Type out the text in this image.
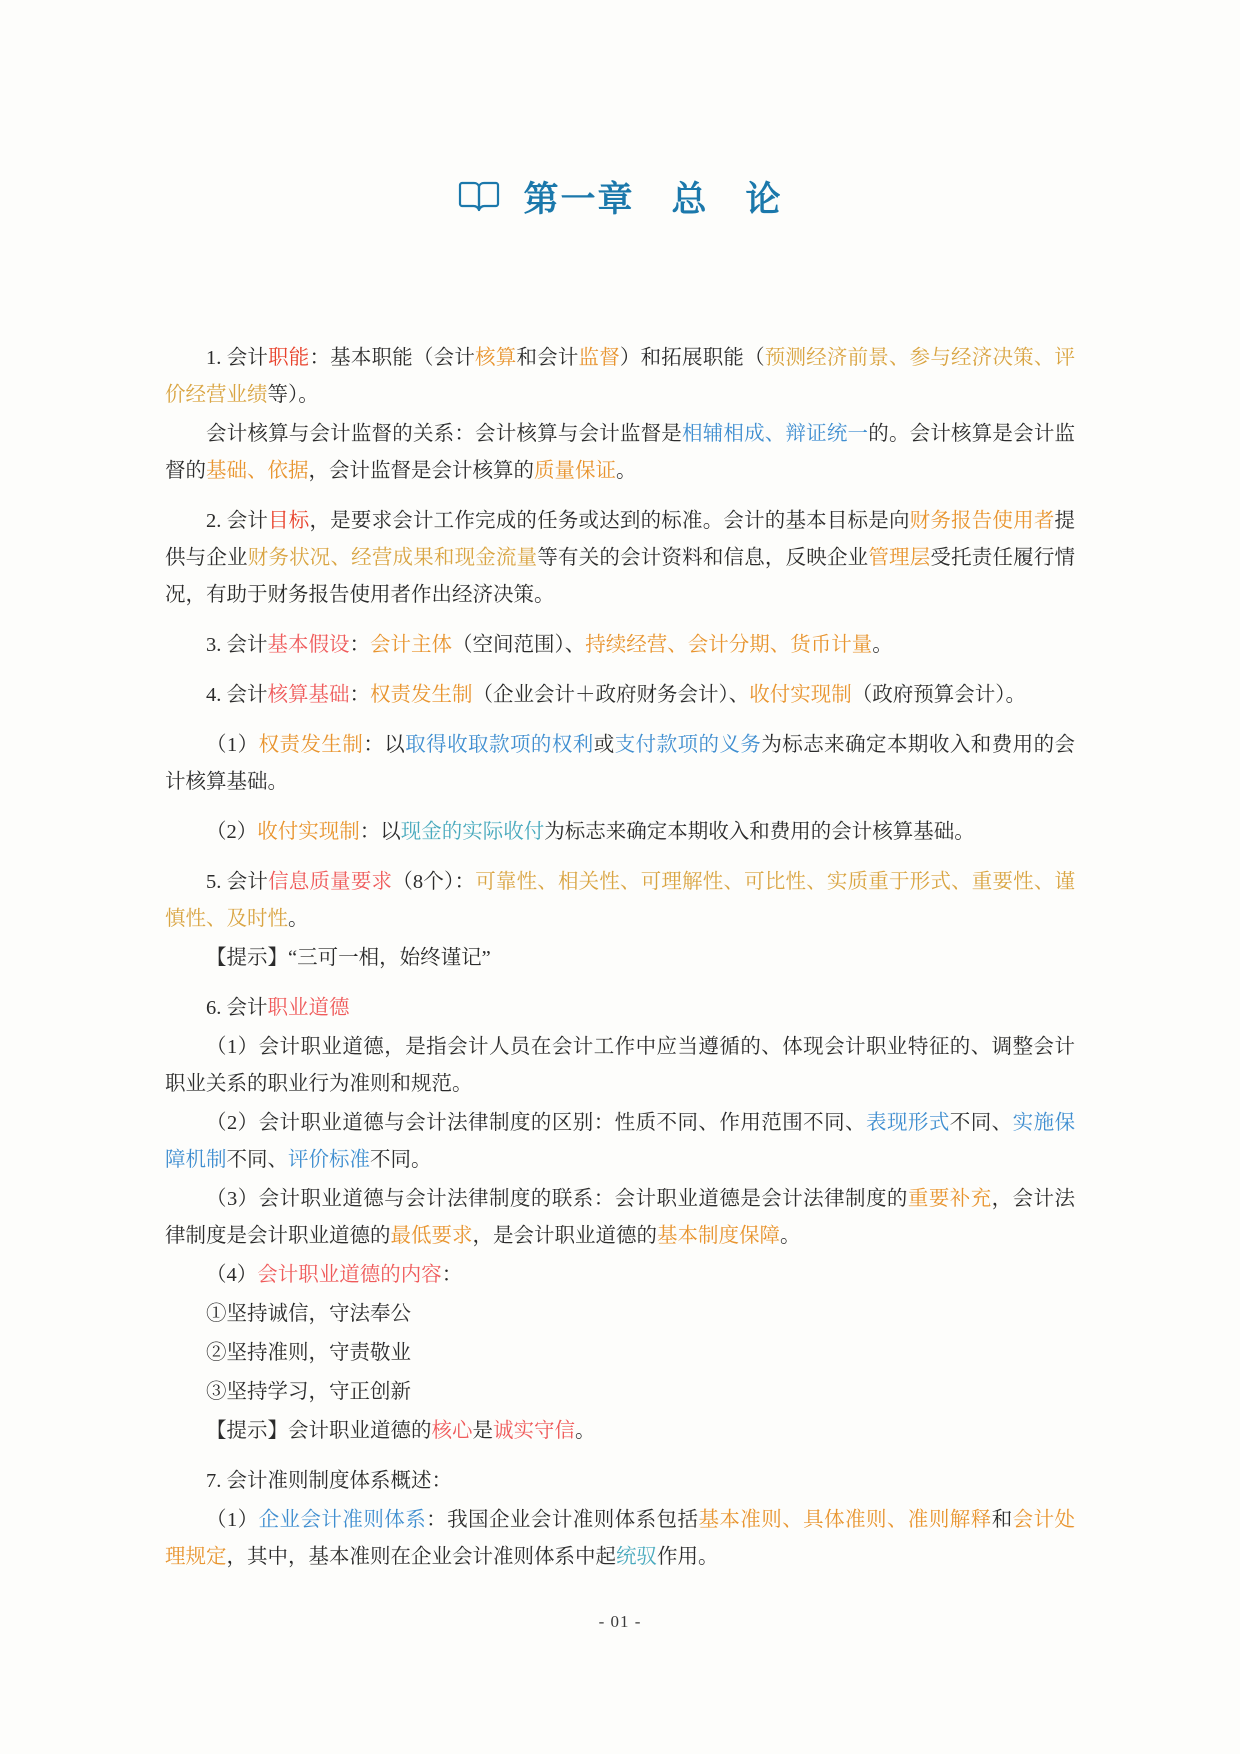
第一章　总　论

1. 会计职能：基本职能（会计核算和会计监督）和拓展职能（预测经济前景、参与经济决策、评价经营业绩等）。

会计核算与会计监督的关系：会计核算与会计监督是相辅相成、辩证统一的。会计核算是会计监督的基础、依据，会计监督是会计核算的质量保证。

2. 会计目标，是要求会计工作完成的任务或达到的标准。会计的基本目标是向财务报告使用者提供与企业财务状况、经营成果和现金流量等有关的会计资料和信息，反映企业管理层受托责任履行情况，有助于财务报告使用者作出经济决策。

3. 会计基本假设：会计主体（空间范围）、持续经营、会计分期、货币计量。

4. 会计核算基础：权责发生制（企业会计＋政府财务会计）、收付实现制（政府预算会计）。

（1）权责发生制：以取得收取款项的权利或支付款项的义务为标志来确定本期收入和费用的会计核算基础。

（2）收付实现制：以现金的实际收付为标志来确定本期收入和费用的会计核算基础。

5. 会计信息质量要求（8个）：可靠性、相关性、可理解性、可比性、实质重于形式、重要性、谨慎性、及时性。

【提示】“三可一相，始终谨记”

6. 会计职业道德

（1）会计职业道德，是指会计人员在会计工作中应当遵循的、体现会计职业特征的、调整会计职业关系的职业行为准则和规范。

（2）会计职业道德与会计法律制度的区别：性质不同、作用范围不同、表现形式不同、实施保障机制不同、评价标准不同。

（3）会计职业道德与会计法律制度的联系：会计职业道德是会计法律制度的重要补充，会计法律制度是会计职业道德的最低要求，是会计职业道德的基本制度保障。

（4）会计职业道德的内容：

①坚持诚信，守法奉公

②坚持准则，守责敬业

③坚持学习，守正创新

【提示】会计职业道德的核心是诚实守信。

7. 会计准则制度体系概述：

（1）企业会计准则体系：我国企业会计准则体系包括基本准则、具体准则、准则解释和会计处理规定，其中，基本准则在企业会计准则体系中起统驭作用。

- 01 -
